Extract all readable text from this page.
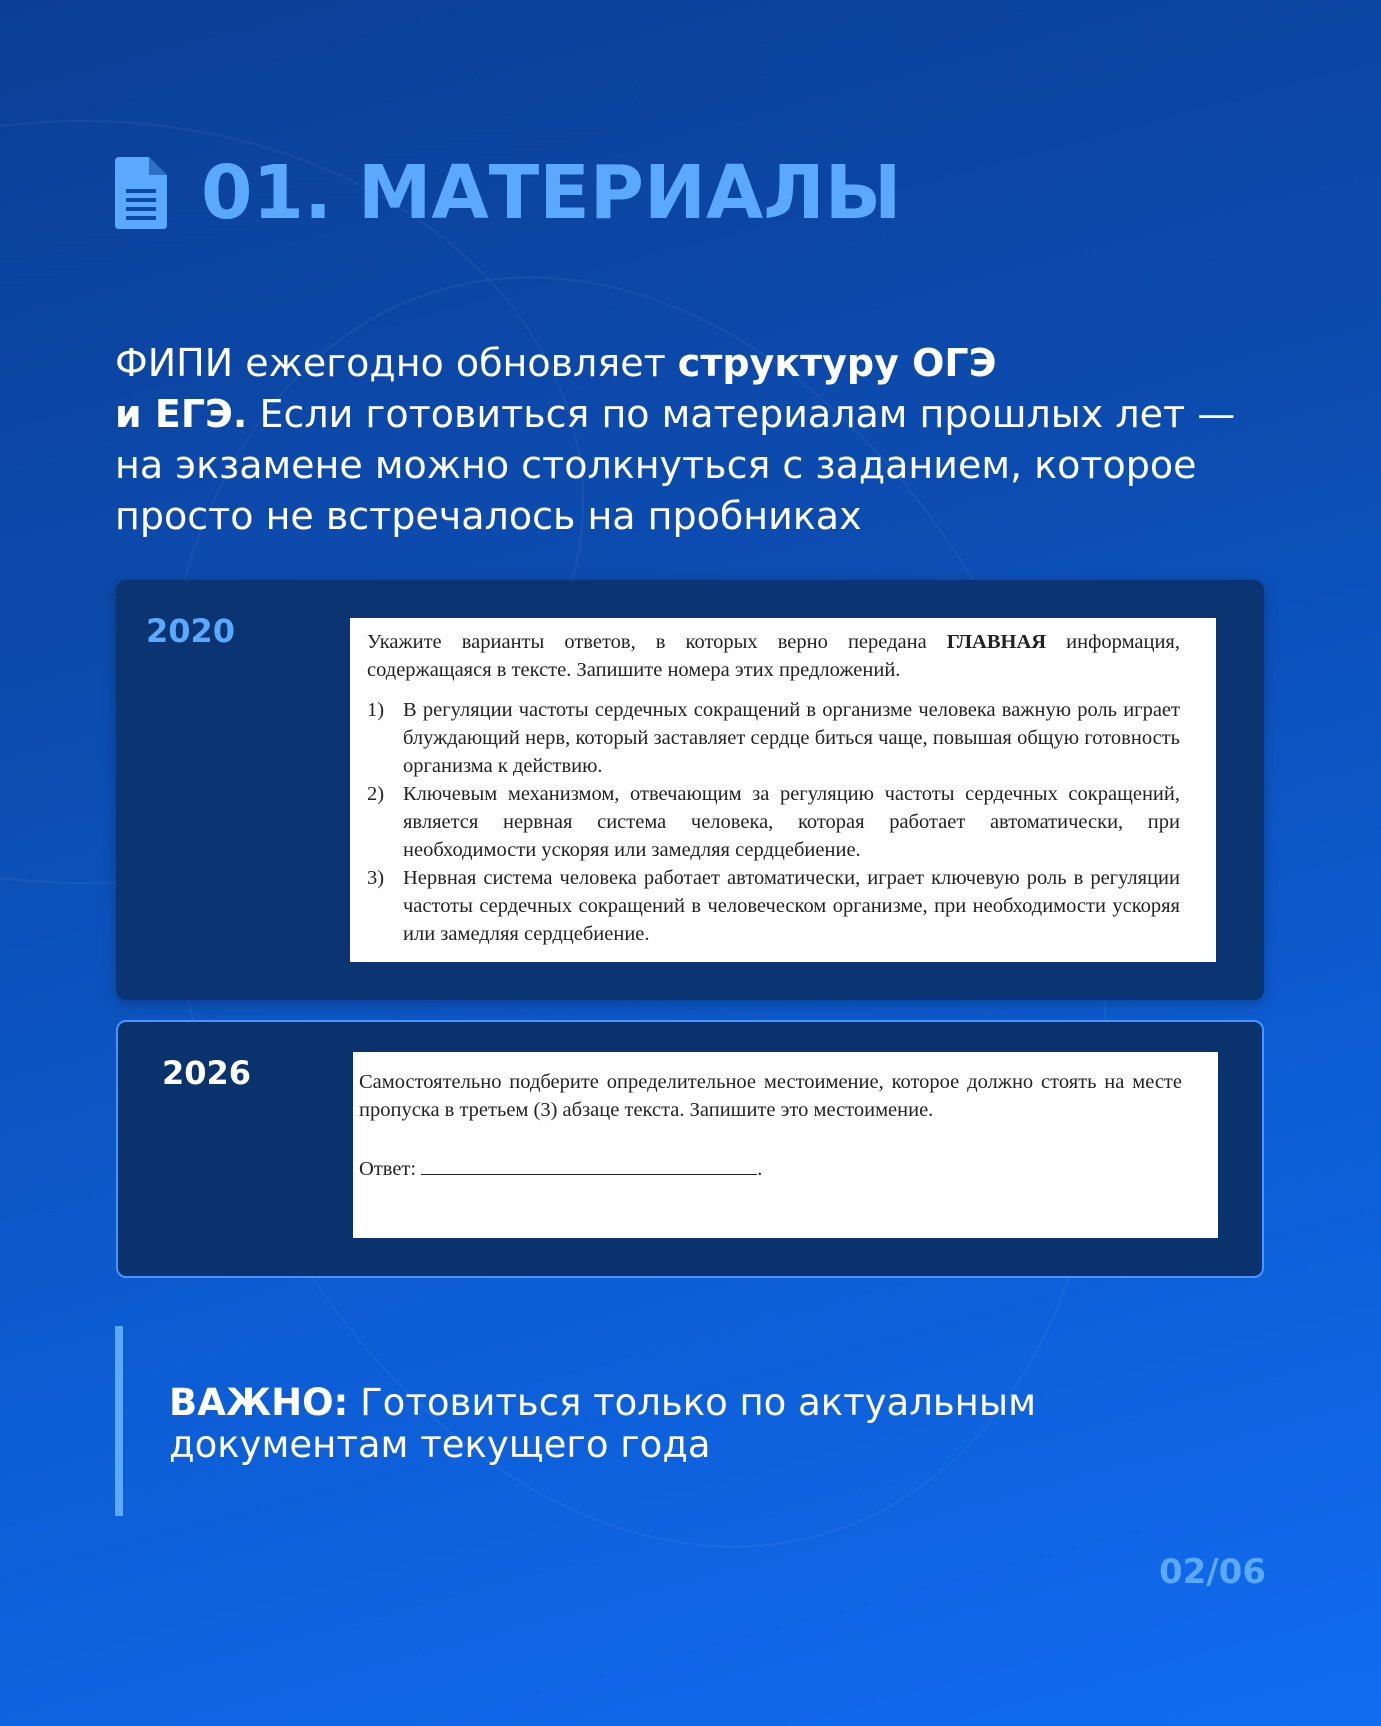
01. МАТЕРИАЛЫ
ФИПИ ежегодно обновляет структуру ОГЭ
и ЕГЭ. Если готовиться по материалам прошлых лет — на экзамене можно столкнуться с заданием, которое просто не встречалось на пробниках
2020	Укажите варианты ответов, в которых верно передана ГЛАВНАЯ информация, содержащаяся в тексте. Запишите номера этих предложений.

1) В регуляции частоты сердечных сокращений в организме человека важную роль играет блуждающий нерв, который заставляет сердце биться чаще, повышая общую готовность организма к действию.
2) Ключевым механизмом, отвечающим за регуляцию частоты сердечных сокращений, является нервная система человека, которая работает автоматически, при необходимости ускоряя или замедляя сердцебиение.
3) Нервная система человека работает автоматически, играет ключевую роль в регуляции частоты сердечных сокращений в человеческом организме, при необходимости ускоряя или замедляя сердцебиение.
2026	Самостоятельно подберите определительное местоимение, которое должно стоять на месте пропуска в третьем (3) абзаце текста. Запишите это местоимение.

Ответ:	.
ВАЖНО: Готовиться только по актуальным документам текущего года
02/06
